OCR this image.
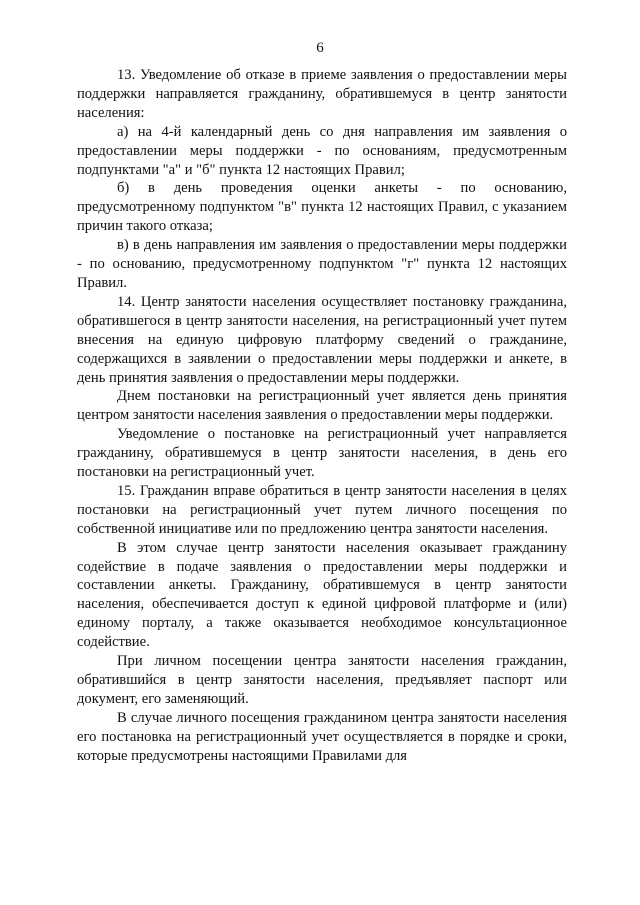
6

13. Уведомление об отказе в приеме заявления о предоставлении меры поддержки направляется гражданину, обратившемуся в центр занятости населения:

а) на 4-й календарный день со дня направления им заявления о предоставлении меры поддержки - по основаниям, предусмотренным подпунктами "а" и "б" пункта 12 настоящих Правил;

б) в день проведения оценки анкеты - по основанию, предусмотренному подпунктом "в" пункта 12 настоящих Правил, с указанием причин такого отказа;

в) в день направления им заявления о предоставлении меры поддержки - по основанию, предусмотренному подпунктом "г" пункта 12 настоящих Правил.

14. Центр занятости населения осуществляет постановку гражданина, обратившегося в центр занятости населения, на регистрационный учет путем внесения на единую цифровую платформу сведений о гражданине, содержащихся в заявлении о предоставлении меры поддержки и анкете, в день принятия заявления о предоставлении меры поддержки.

Днем постановки на регистрационный учет является день принятия центром занятости населения заявления о предоставлении меры поддержки.

Уведомление о постановке на регистрационный учет направляется гражданину, обратившемуся в центр занятости населения, в день его постановки на регистрационный учет.

15. Гражданин вправе обратиться в центр занятости населения в целях постановки на регистрационный учет путем личного посещения по собственной инициативе или по предложению центра занятости населения.

В этом случае центр занятости населения оказывает гражданину содействие в подаче заявления о предоставлении меры поддержки и составлении анкеты. Гражданину, обратившемуся в центр занятости населения, обеспечивается доступ к единой цифровой платформе и (или) единому порталу, а также оказывается необходимое консультационное содействие.

При личном посещении центра занятости населения гражданин, обратившийся в центр занятости населения, предъявляет паспорт или документ, его заменяющий.

В случае личного посещения гражданином центра занятости населения его постановка на регистрационный учет осуществляется в порядке и сроки, которые предусмотрены настоящими Правилами для
